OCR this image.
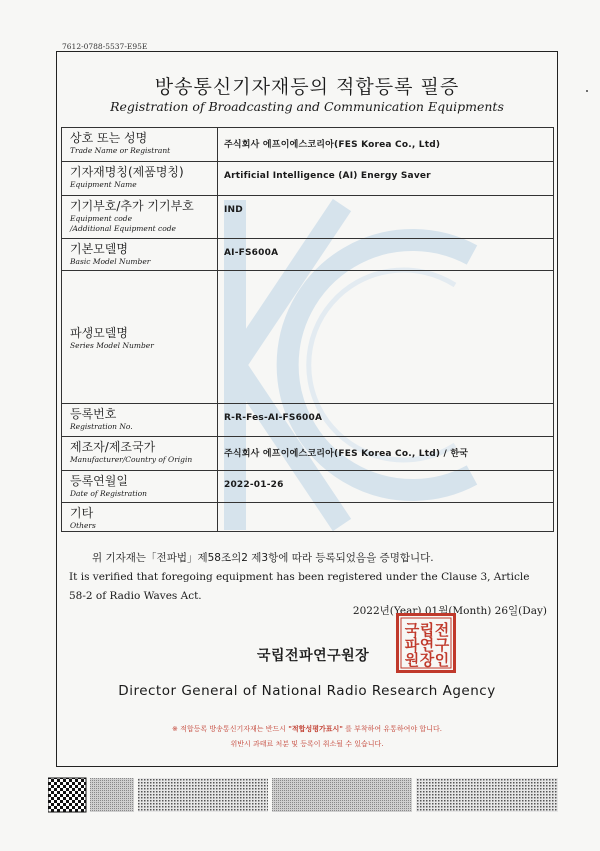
7612-0788-5537-E95E
방송통신기자재등의 적합등록 필증
Registration of Broadcasting and Communication Equipments
상호 또는 성명
Trade Name or Registrant	주식회사 에프이에스코리아(FES Korea Co., Ltd)

기자재명칭(제품명칭)
Equipment Name	Artificial Intelligence (AI) Energy Saver

기기부호/추가 기기부호
Equipment code
/Additional Equipment code	IND

기본모델명
Basic Model Number	AI-FS600A

파생모델명
Series Model Number	

등록번호
Registration No.	R-R-Fes-AI-FS600A

제조자/제조국가
Manufacturer/Country of Origin	주식회사 에프이에스코리아(FES Korea Co., Ltd) / 한국

등록연월일
Date of Registration	2022-01-26

기타
Others	

위 기자재는「전파법」제58조의2 제3항에 따라 등록되었음을 증명합니다.
It is verified that foregoing equipment has been registered under the Clause 3, Article 58-2 of Radio Waves Act.
2022년(Year) 01월(Month) 26일(Day)
국립전파연구원장
국 립 전
파 연 구
원 장 인
Director General of National Radio Research Agency
※ 적합등록 방송통신기자재는 반드시 "적합성평가표시" 를 부착하여 유통하여야 합니다.
위반시 과태료 처분 및 등록이 취소될 수 있습니다.
